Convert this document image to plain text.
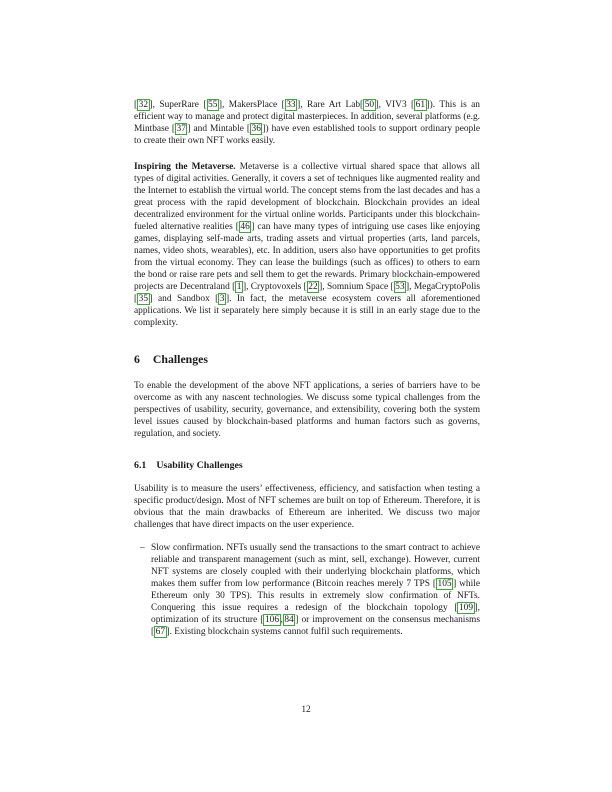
[ 32 ], SuperRare [ 55 ], MakersPlace [ 33 ], Rare Art Lab[ 50 ], VIV3 [ 61 ]). This is an efficient way to manage and protect digital masterpieces. In addition, several platforms (e.g. Mintbase [ 37 ] and Mintable [ 36 ]) have even established tools to support ordinary people to create their own NFT works easily.

Inspiring the Metaverse. Metaverse is a collective virtual shared space that allows all types of digital activities. Generally, it covers a set of techniques like augmented reality and the Internet to establish the virtual world. The concept stems from the last decades and has a great process with the rapid development of blockchain. Blockchain provides an ideal decentralized environment for the virtual online worlds. Participants under this blockchain-fueled alternative realities [ 46 ] can have many types of intriguing use cases like enjoying games, displaying self-made arts, trading assets and virtual properties (arts, land parcels, names, video shots, wearables), etc. In addition, users also have opportunities to get profits from the virtual economy. They can lease the buildings (such as offices) to others to earn the bond or raise rare pets and sell them to get the rewards. Primary blockchain-empowered projects are Decentraland [ 1 ], Cryptovoxels [ 22 ], Somnium Space [ 53 ], MegaCryptoPolis [ 35 ] and Sandbox [ 3 ]. In fact, the metaverse ecosystem covers all aforementioned applications. We list it separately here simply because it is still in an early stage due to the complexity.

6 Challenges

To enable the development of the above NFT applications, a series of barriers have to be overcome as with any nascent technologies. We discuss some typical challenges from the perspectives of usability, security, governance, and extensibility, covering both the system level issues caused by blockchain-based platforms and human factors such as governs, regulation, and society.

6.1 Usability Challenges

Usability is to measure the users’ effectiveness, efficiency, and satisfaction when testing a specific product/design. Most of NFT schemes are built on top of Ethereum. Therefore, it is obvious that the main drawbacks of Ethereum are inherited. We discuss two major challenges that have direct impacts on the user experience.

– Slow confirmation. NFTs usually send the transactions to the smart contract to achieve reliable and transparent management (such as mint, sell, exchange). However, current NFT systems are closely coupled with their underlying blockchain platforms, which makes them suffer from low performance (Bitcoin reaches merely 7 TPS [ 105 ] while Ethereum only 30 TPS). This results in extremely slow confirmation of NFTs. Conquering this issue requires a redesign of the blockchain topology [ 109 ], optimization of its structure [ 106 , 84 ] or improvement on the consensus mechanisms [ 67 ]. Existing blockchain systems cannot fulfil such requirements.
12
